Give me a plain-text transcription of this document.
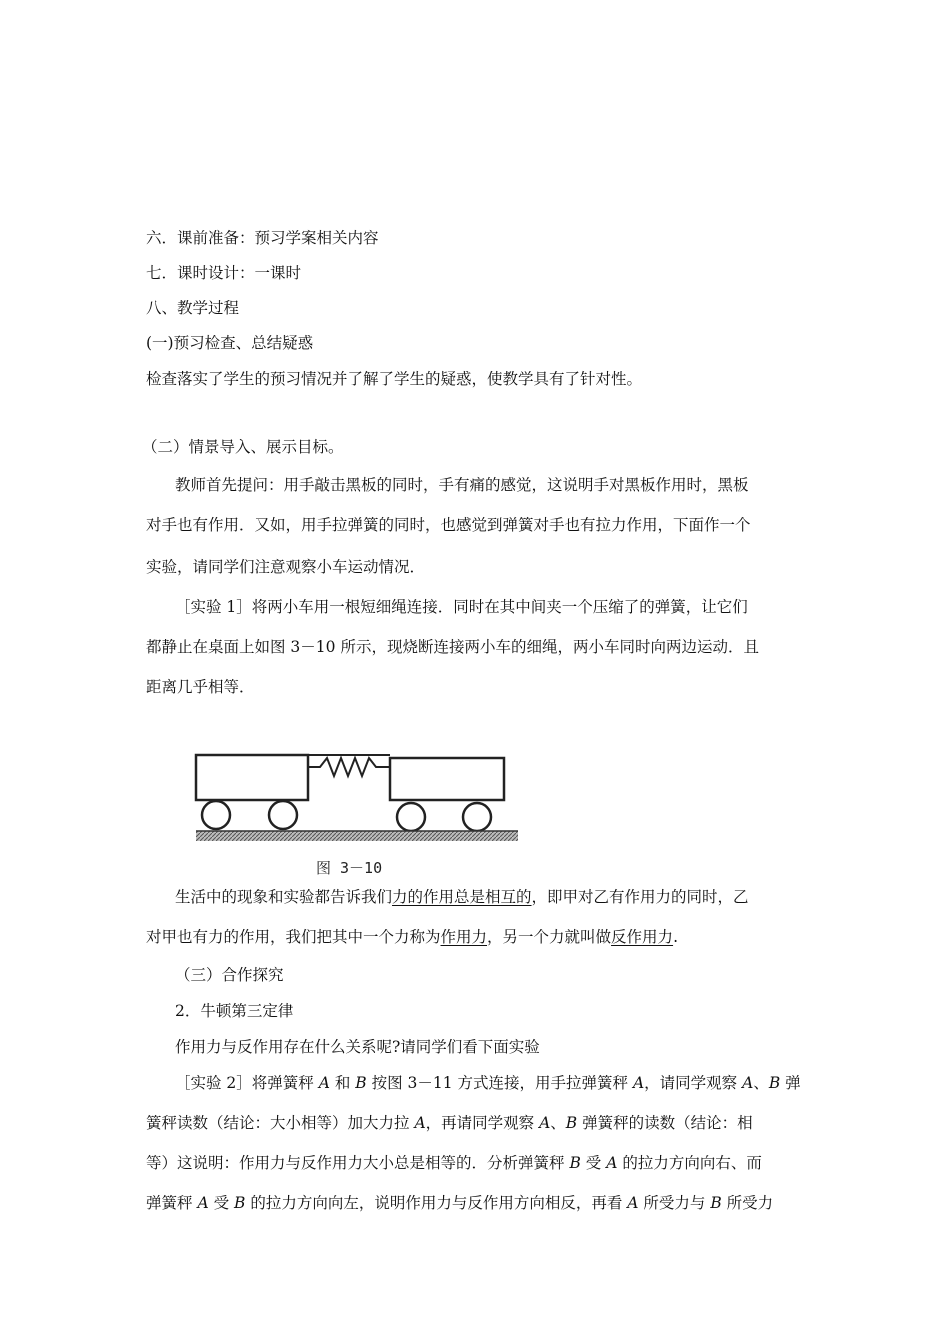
六．课前准备：预习学案相关内容
七．课时设计：一课时
八、教学过程
(一)预习检查、总结疑惑
检查落实了学生的预习情况并了解了学生的疑惑，使教学具有了针对性。
（二）情景导入、展示目标。
教师首先提问：用手敲击黑板的同时，手有痛的感觉，这说明手对黑板作用时，黑板
对手也有作用．又如，用手拉弹簧的同时，也感觉到弹簧对手也有拉力作用，下面作一个
实验，请同学们注意观察小车运动情况．
［实验 1］将两小车用一根短细绳连接．同时在其中间夹一个压缩了的弹簧，让它们
都静止在桌面上如图 3－10 所示，现烧断连接两小车的细绳，两小车同时向两边运动．且
距离几乎相等．
图 3－10
生活中的现象和实验都告诉我们力的作用总是相互的，即甲对乙有作用力的同时，乙
对甲也有力的作用，我们把其中一个力称为作用力，另一个力就叫做反作用力.
（三）合作探究
2．牛顿第三定律
作用力与反作用存在什么关系呢?请同学们看下面实验
［实验 2］将弹簧秤 A 和 B 按图 3－11 方式连接，用手拉弹簧秤 A，请同学观察 A、B 弹
簧秤读数（结论：大小相等）加大力拉 A，再请同学观察 A、B 弹簧秤的读数（结论：相
等）这说明：作用力与反作用力大小总是相等的．分析弹簧秤 B 受 A 的拉力方向向右、而
弹簧秤 A 受 B 的拉力方向向左，说明作用力与反作用方向相反，再看 A 所受力与 B 所受力
